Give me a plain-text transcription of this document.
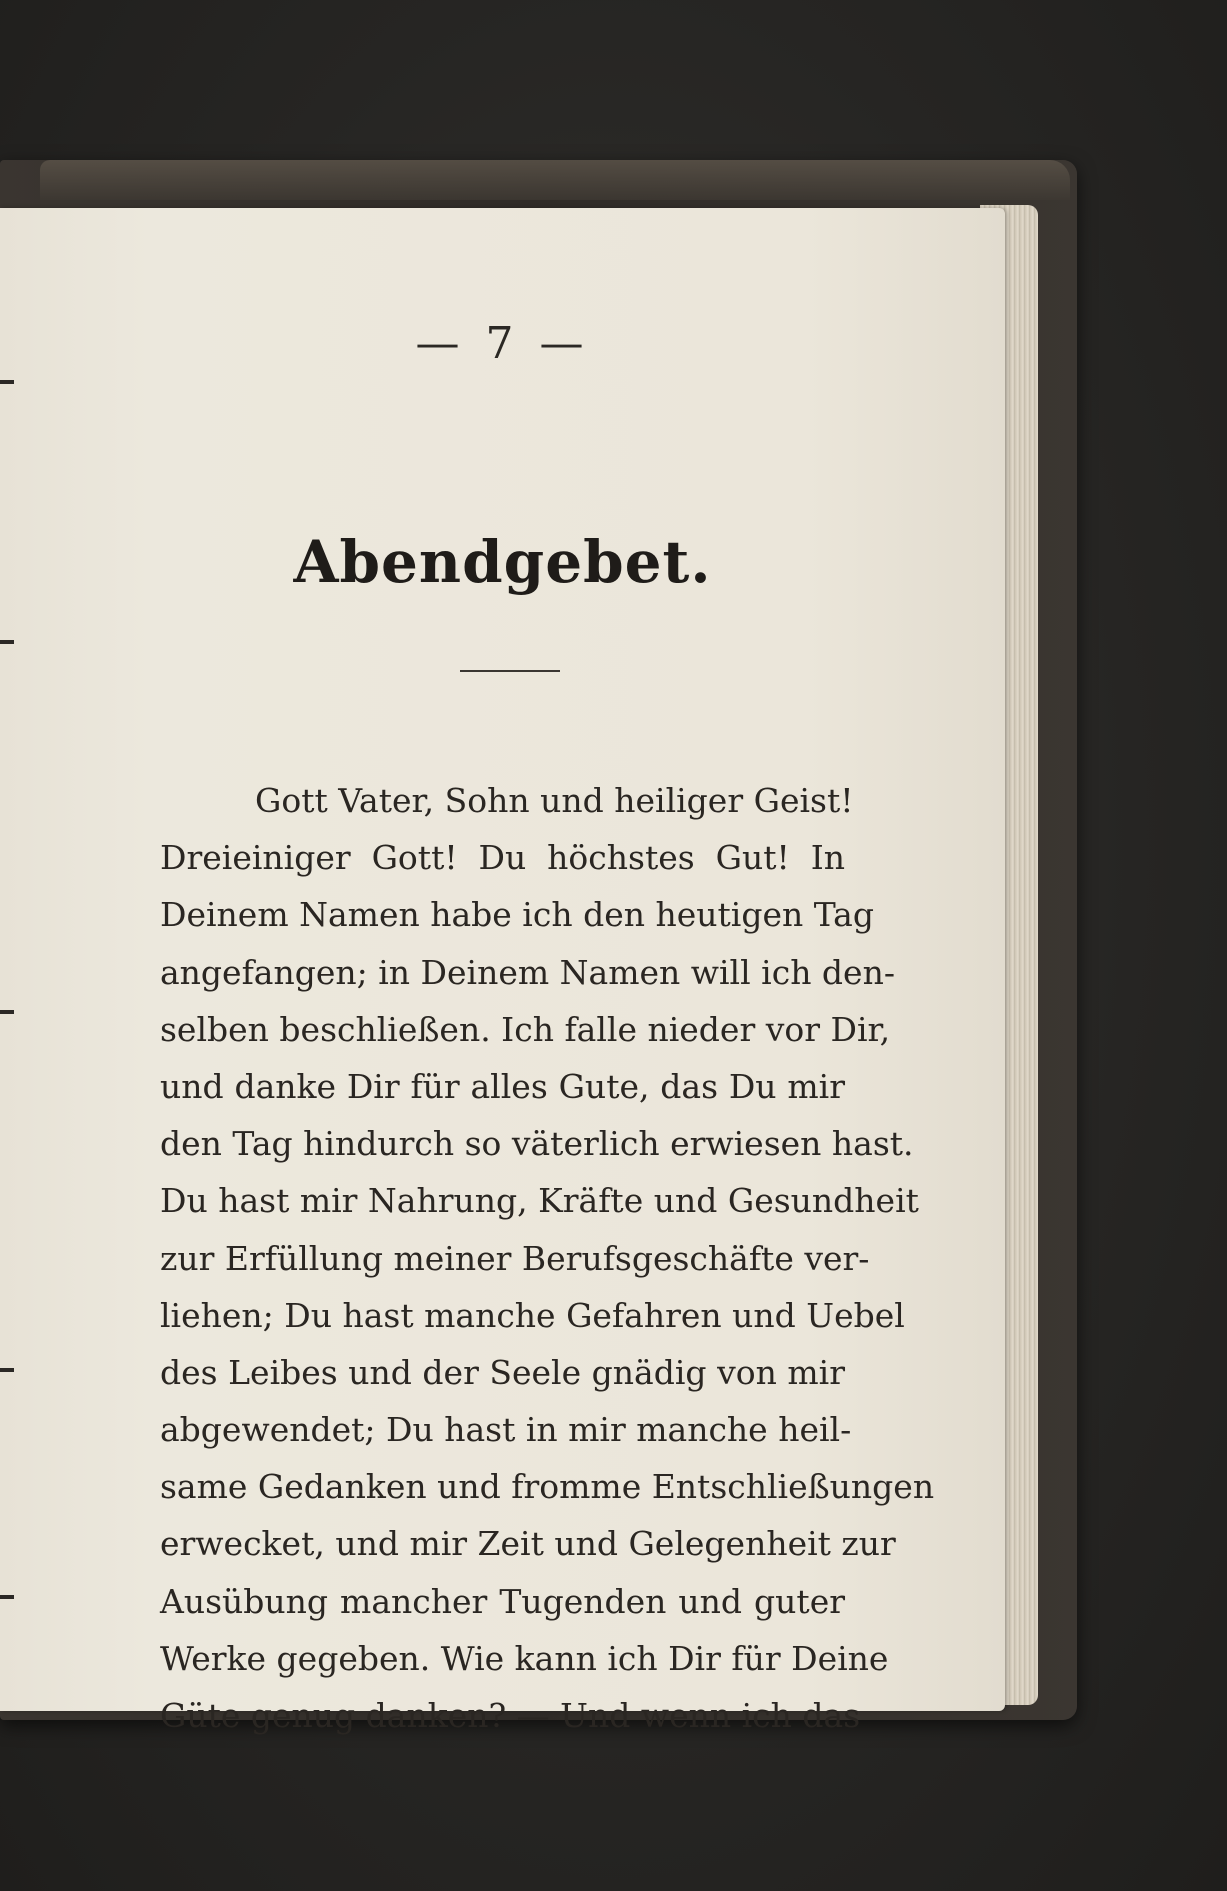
— 7 —
Abendgebet.
Gott Vater, Sohn und heiliger Geist!
Dreieiniger Gott! Du höchstes Gut! In
Deinem Namen habe ich den heutigen Tag
angefangen; in Deinem Namen will ich den-
selben beschließen. Ich falle nieder vor Dir,
und danke Dir für alles Gute, das Du mir
den Tag hindurch so väterlich erwiesen hast.
Du hast mir Nahrung, Kräfte und Gesundheit
zur Erfüllung meiner Berufsgeschäfte ver-
liehen; Du hast manche Gefahren und Uebel
des Leibes und der Seele gnädig von mir
abgewendet; Du hast in mir manche heil-
same Gedanken und fromme Entschließungen
erwecket, und mir Zeit und Gelegenheit zur
Ausübung mancher Tugenden und guter
Werke gegeben. Wie kann ich Dir für Deine
Güte genug danken? — Und wenn ich das
